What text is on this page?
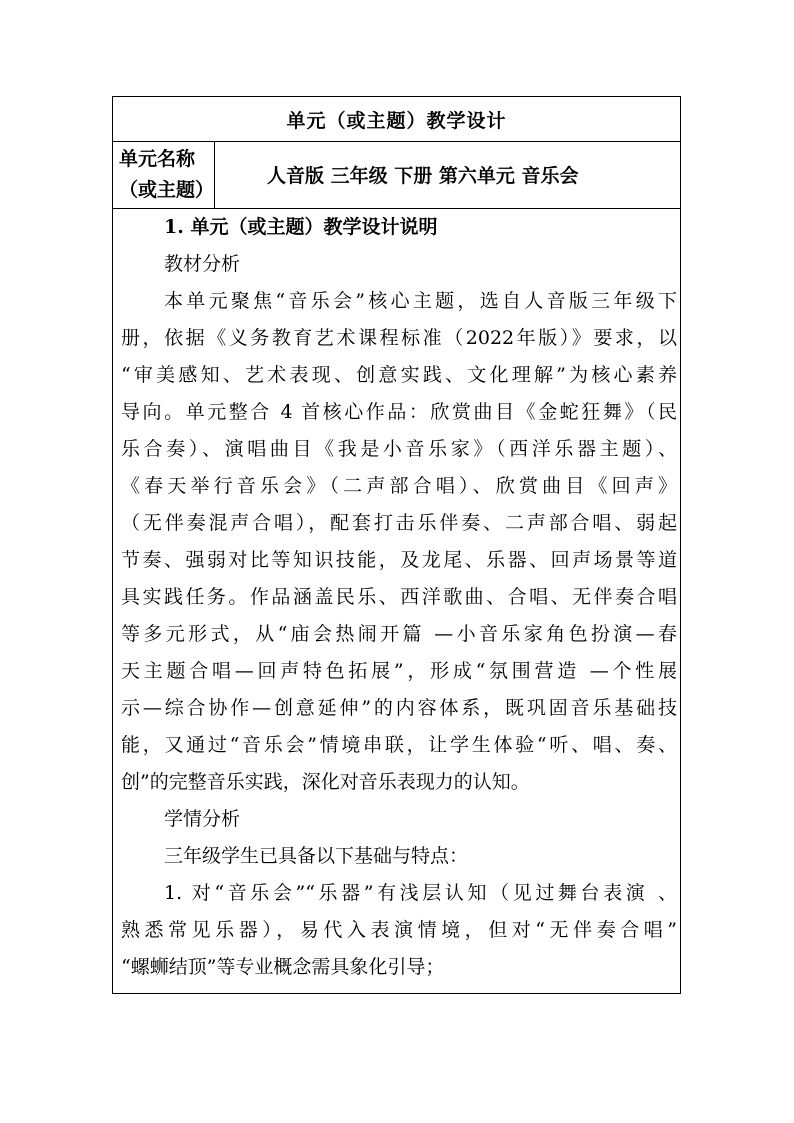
单元（或主题）教学设计
单元名称
（或主题）
人音版 三年级 下册 第六单元 音乐会
1. 单元（或主题）教学设计说明
教材分析
本单元聚焦“音乐会”核心主题，选自人音版三年级下
册，依据《义务教育艺术课程标准（2022年版）》要求，以
“审美感知、艺术表现、创意实践、文化理解”为核心素养
导向。单元整合 4 首核心作品：欣赏曲目《金蛇狂舞》（民
乐合奏）、演唱曲目《我是小音乐家》（西洋乐器主题）、
《春天举行音乐会》（二声部合唱）、欣赏曲目《回声》
（无伴奏混声合唱），配套打击乐伴奏、二声部合唱、弱起
节奏、强弱对比等知识技能，及龙尾、乐器、回声场景等道
具实践任务。作品涵盖民乐、西洋歌曲、合唱、无伴奏合唱
等多元形式，从“庙会热闹开篇 —小音乐家角色扮演—春
天主题合唱—回声特色拓展”，形成“氛围营造 —个性展
示—综合协作—创意延伸”的内容体系，既巩固音乐基础技
能，又通过“音乐会”情境串联，让学生体验“听、唱、奏、
创”的完整音乐实践，深化对音乐表现力的认知。
学情分析
三年级学生已具备以下基础与特点：
1. 对“音乐会”“乐器”有浅层认知（见过舞台表演 、
熟悉常见乐器），易代入表演情境，但对“无伴奏合唱”
“螺蛳结顶”等专业概念需具象化引导；
